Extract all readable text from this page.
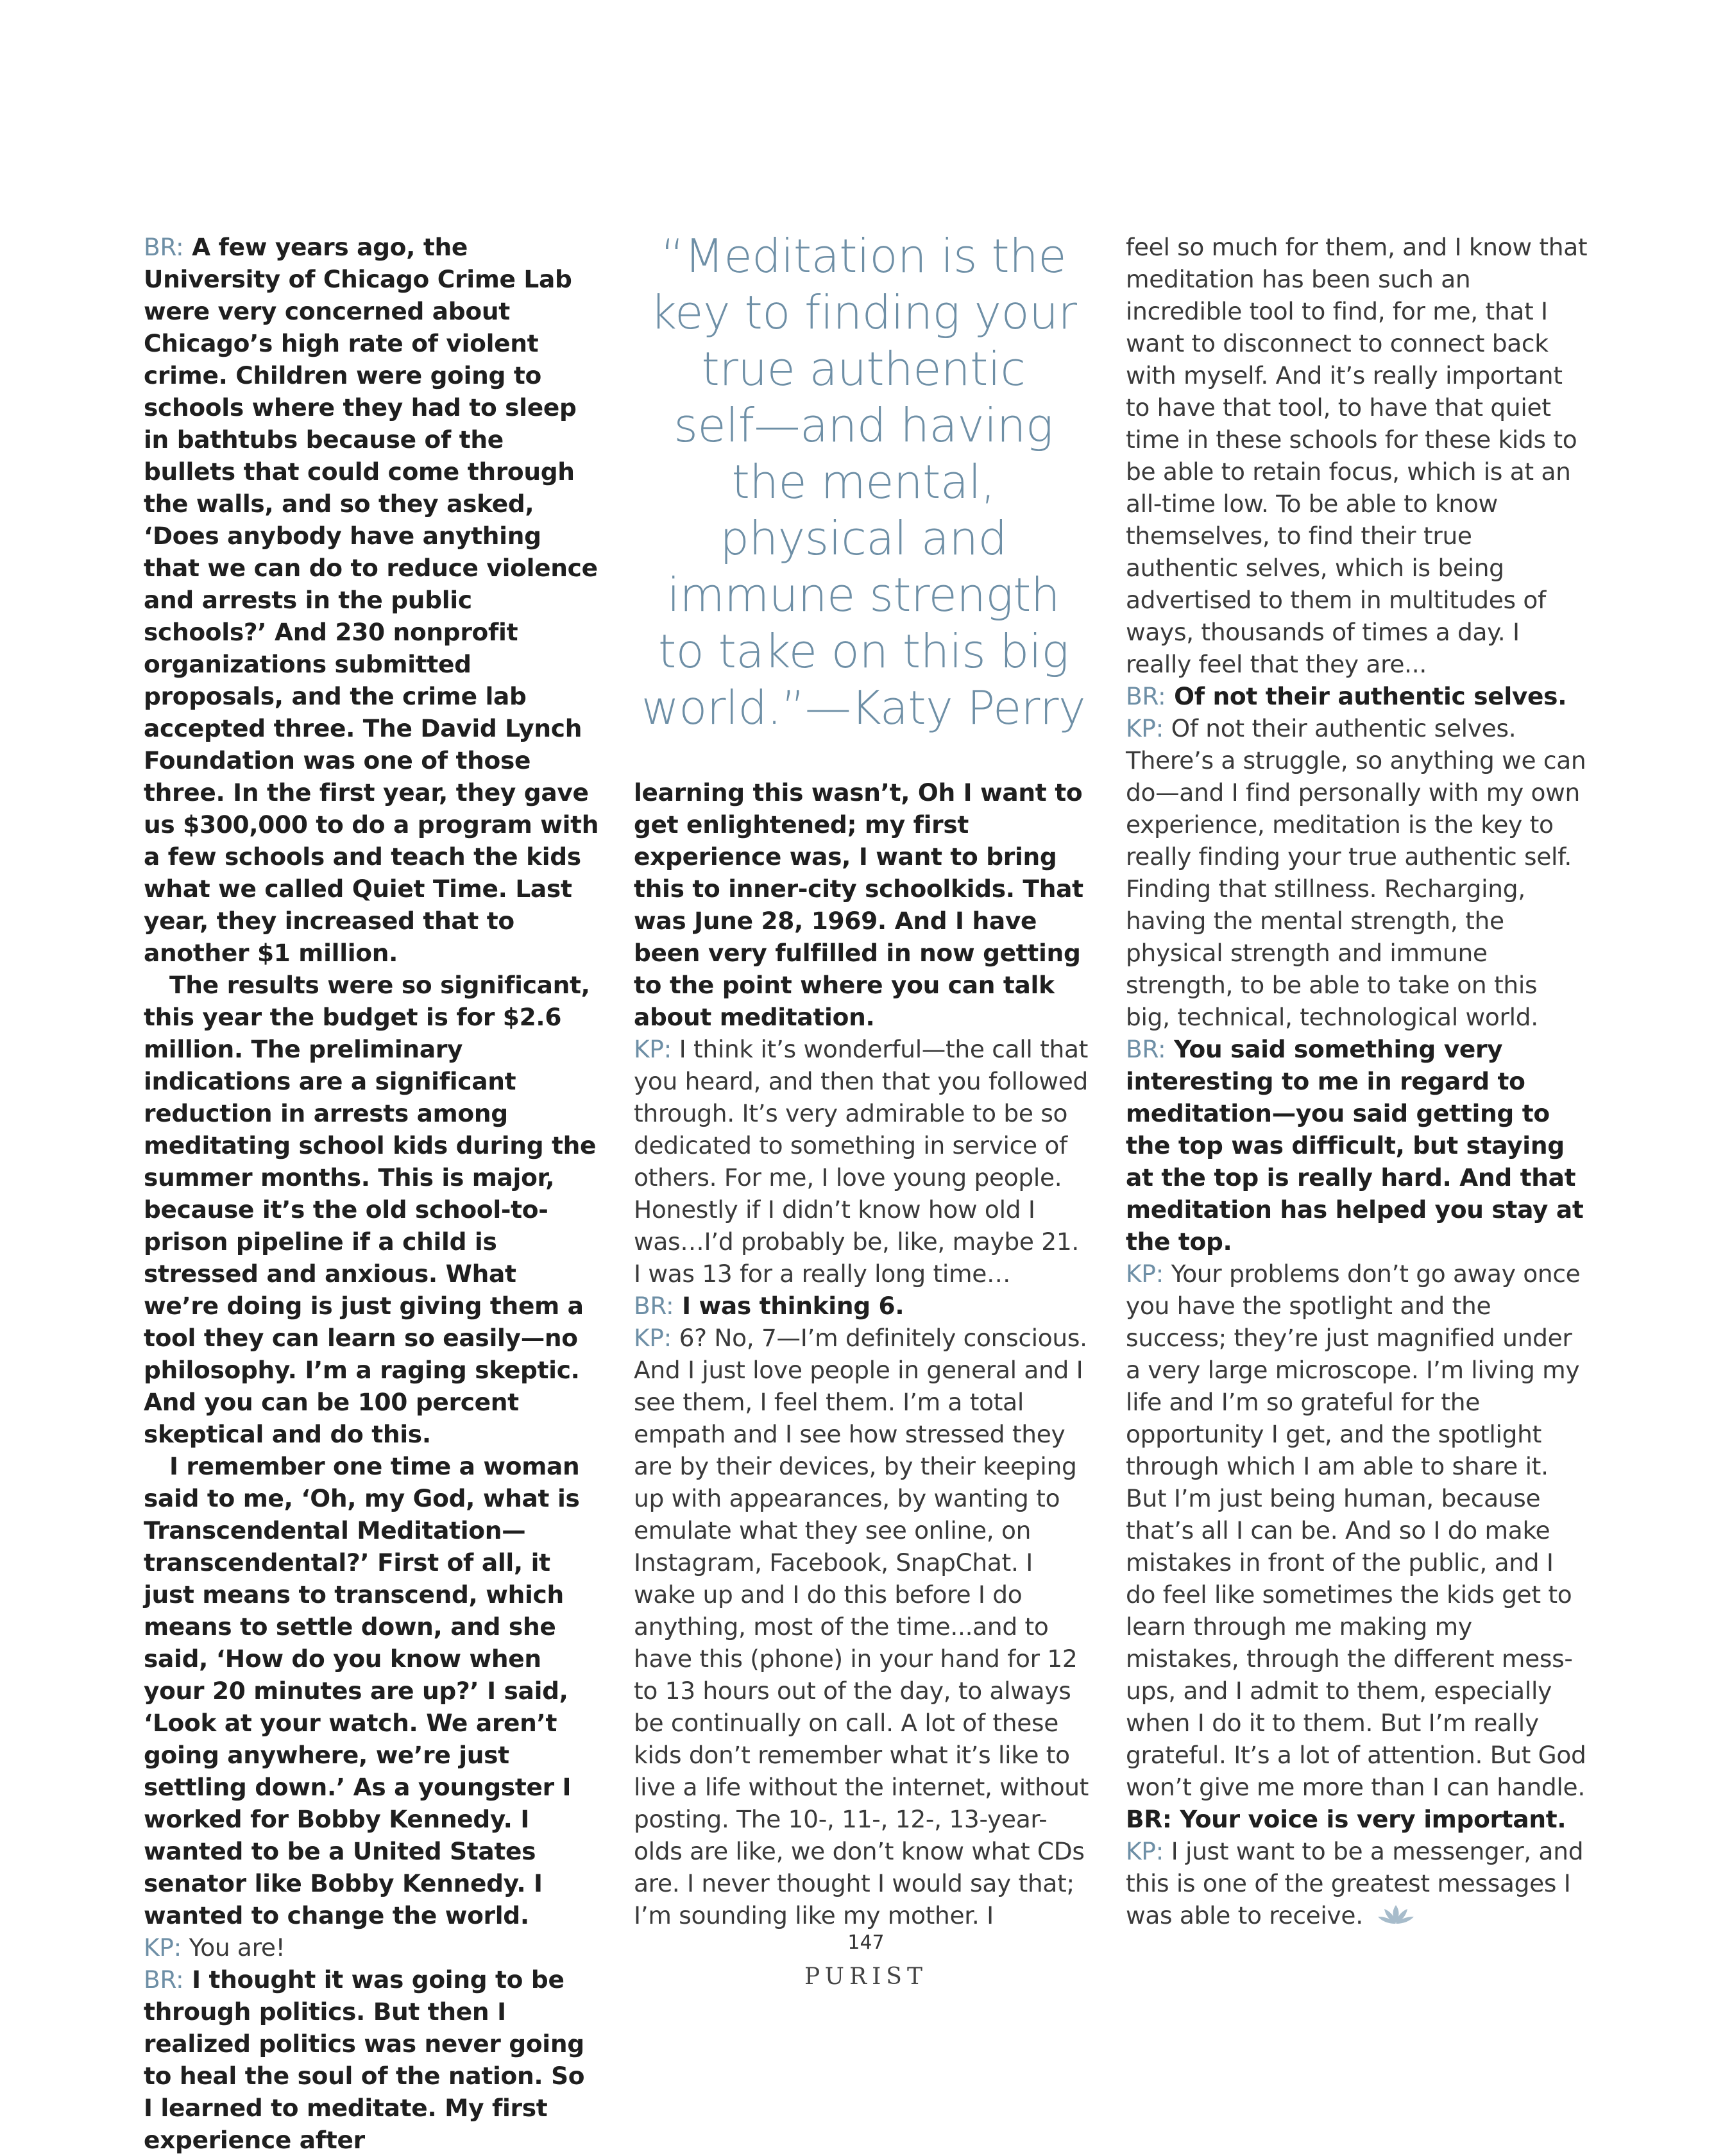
“Meditation is the
key to finding your
true authentic
self—and having
the mental,
physical and
immune strength
to take on this big
world.”—Katy Perry

BR: A few years ago, the University of Chicago Crime Lab were very concerned about Chicago’s high rate of violent crime. Children were going to schools where they had to sleep in bathtubs because of the bullets that could come through the walls, and so they asked, ‘Does anybody have anything that we can do to reduce violence and arrests in the public schools?’ And 230 nonprofit organizations submitted proposals, and the crime lab accepted three. The David Lynch Foundation was one of those three. In the first year, they gave us $300,000 to do a program with a few schools and teach the kids what we called Quiet Time. Last year, they increased that to another $1 million.

The results were so significant, this year the budget is for $2.6 million. The preliminary indications are a significant reduction in arrests among meditating school kids during the summer months. This is major, because it’s the old school-to-prison pipeline if a child is stressed and anxious. What we’re doing is just giving them a tool they can learn so easily—no philosophy. I’m a raging skeptic. And you can be 100 percent skeptical and do this.

I remember one time a woman said to me, ‘Oh, my God, what is Transcendental Meditation—transcendental?’ First of all, it just means to transcend, which means to settle down, and she said, ‘How do you know when your 20 minutes are up?’ I said, ‘Look at your watch. We aren’t going anywhere, we’re just settling down.’ As a youngster I worked for Bobby Kennedy. I wanted to be a United States senator like Bobby Kennedy. I wanted to change the world.

KP: You are!

BR: I thought it was going to be through politics. But then I realized politics was never going to heal the soul of the nation. So I learned to meditate. My first experience after

learning this wasn’t, Oh I want to get enlightened; my first experience was, I want to bring this to inner-city schoolkids. That was June 28, 1969. And I have been very fulfilled in now getting to the point where you can talk about meditation.

KP: I think it’s wonderful—the call that you heard, and then that you followed through. It’s very admirable to be so dedicated to something in service of others. For me, I love young people. Honestly if I didn’t know how old I was…I’d probably be, like, maybe 21. I was 13 for a really long time…

BR: I was thinking 6.

KP: 6? No, 7—I’m definitely conscious. And I just love people in general and I see them, I feel them. I’m a total empath and I see how stressed they are by their devices, by their keeping up with appearances, by wanting to emulate what they see online, on Instagram, Facebook, SnapChat. I wake up and I do this before I do anything, most of the time...and to have this (phone) in your hand for 12 to 13 hours out of the day, to always be continually on call. A lot of these kids don’t remember what it’s like to live a life without the internet, without posting. The 10-, 11-, 12-, 13-year-olds are like, we don’t know what CDs are. I never thought I would say that; I’m sounding like my mother. I

feel so much for them, and I know that meditation has been such an incredible tool to find, for me, that I want to disconnect to connect back with myself. And it’s really important to have that tool, to have that quiet time in these schools for these kids to be able to retain focus, which is at an all-time low. To be able to know themselves, to find their true authentic selves, which is being advertised to them in multitudes of ways, thousands of times a day. I really feel that they are...

BR: Of not their authentic selves.

KP: Of not their authentic selves. There’s a struggle, so anything we can do—and I find personally with my own experience, meditation is the key to really finding your true authentic self. Finding that stillness. Recharging, having the mental strength, the physical strength and immune strength, to be able to take on this big, technical, technological world.

BR: You said something very interesting to me in regard to meditation—you said getting to the top was difficult, but staying at the top is really hard. And that meditation has helped you stay at the top.

KP: Your problems don’t go away once you have the spotlight and the success; they’re just magnified under a very large microscope. I’m living my life and I’m so grateful for the opportunity I get, and the spotlight through which I am able to share it. But I’m just being human, because that’s all I can be. And so I do make mistakes in front of the public, and I do feel like sometimes the kids get to learn through me making my mistakes, through the different mess-ups, and I admit to them, especially when I do it to them. But I’m really grateful. It’s a lot of attention. But God won’t give me more than I can handle.

BR: Your voice is very important.

KP: I just want to be a messenger, and this is one of the greatest messages I was able to receive.

147
PURIST
